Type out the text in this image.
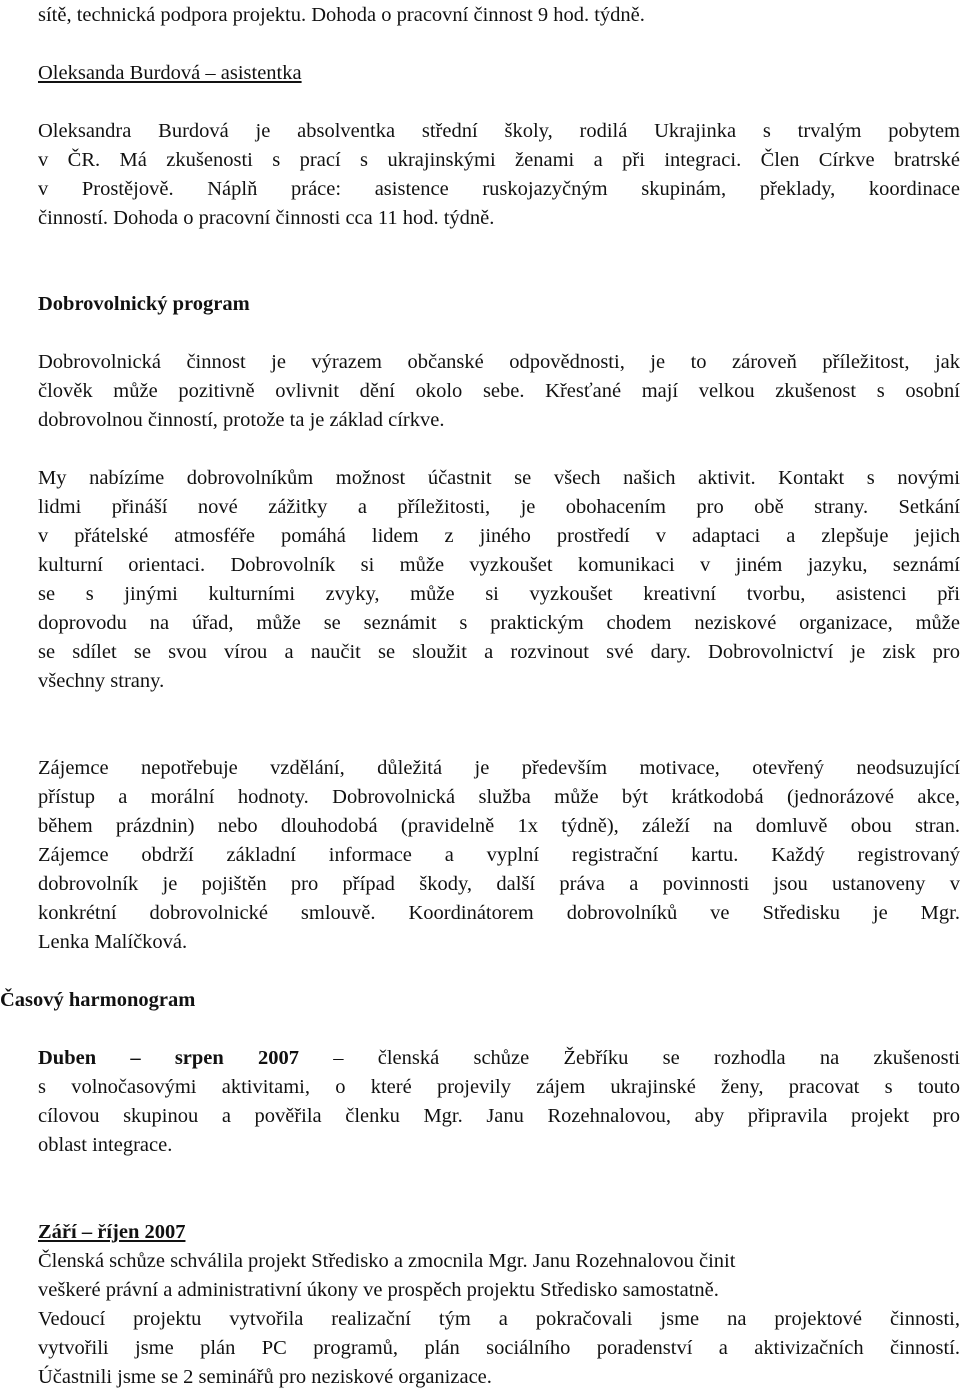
sítě, technická podpora projektu. Dohoda o pracovní činnost 9 hod. týdně.
Oleksanda Burdová – asistentka
Oleksandra Burdová je absolventka střední školy, rodilá Ukrajinka s trvalým pobytem
v ČR. Má zkušenosti s prací s ukrajinskými ženami a při integraci. Člen Církve bratrské
v Prostějově. Náplň práce: asistence ruskojazyčným skupinám, překlady, koordinace
činností. Dohoda o pracovní činnosti cca 11 hod. týdně.
Dobrovolnický program
Dobrovolnická činnost je výrazem občanské odpovědnosti, je to zároveň příležitost, jak
člověk může pozitivně ovlivnit dění okolo sebe. Křesťané mají velkou zkušenost s osobní
dobrovolnou činností, protože ta je základ církve.
My nabízíme dobrovolníkům možnost účastnit se všech našich aktivit. Kontakt s novými
lidmi přináší nové zážitky a příležitosti, je obohacením pro obě strany. Setkání
v přátelské atmosféře pomáhá lidem z jiného prostředí v adaptaci a zlepšuje jejich
kulturní orientaci. Dobrovolník si může vyzkoušet komunikaci v jiném jazyku, seznámí
se s jinými kulturními zvyky, může si vyzkoušet kreativní tvorbu, asistenci při
doprovodu na úřad, může se seznámit s praktickým chodem neziskové organizace, může
se sdílet se svou vírou a naučit se sloužit a rozvinout své dary. Dobrovolnictví je zisk pro
všechny strany.
Zájemce nepotřebuje vzdělání, důležitá je především motivace, otevřený neodsuzující
přístup a morální hodnoty. Dobrovolnická služba může být krátkodobá (jednorázové akce,
během prázdnin) nebo dlouhodobá (pravidelně 1x týdně), záleží na domluvě obou stran.
Zájemce obdrží základní informace a vyplní registrační kartu. Každý registrovaný
dobrovolník je pojištěn pro případ škody, další práva a povinnosti jsou ustanoveny v
konkrétní dobrovolnické smlouvě. Koordinátorem dobrovolníků ve Středisku je Mgr.
Lenka Malíčková.
Časový harmonogram
Duben – srpen 2007 – členská schůze Žebříku se rozhodla na zkušenosti
s volnočasovými aktivitami, o které projevily zájem ukrajinské ženy, pracovat s touto
cílovou skupinou a pověřila členku Mgr. Janu Rozehnalovou, aby připravila projekt pro
oblast integrace.
Září – říjen 2007
Členská schůze schválila projekt Středisko a zmocnila Mgr. Janu Rozehnalovou činit
veškeré právní a administrativní úkony ve prospěch projektu Středisko samostatně.
Vedoucí projektu vytvořila realizační tým a pokračovali jsme na projektové činnosti,
vytvořili jsme plán PC programů, plán sociálního poradenství a aktivizačních činností.
Účastnili jsme se 2 seminářů pro neziskové organizace.
